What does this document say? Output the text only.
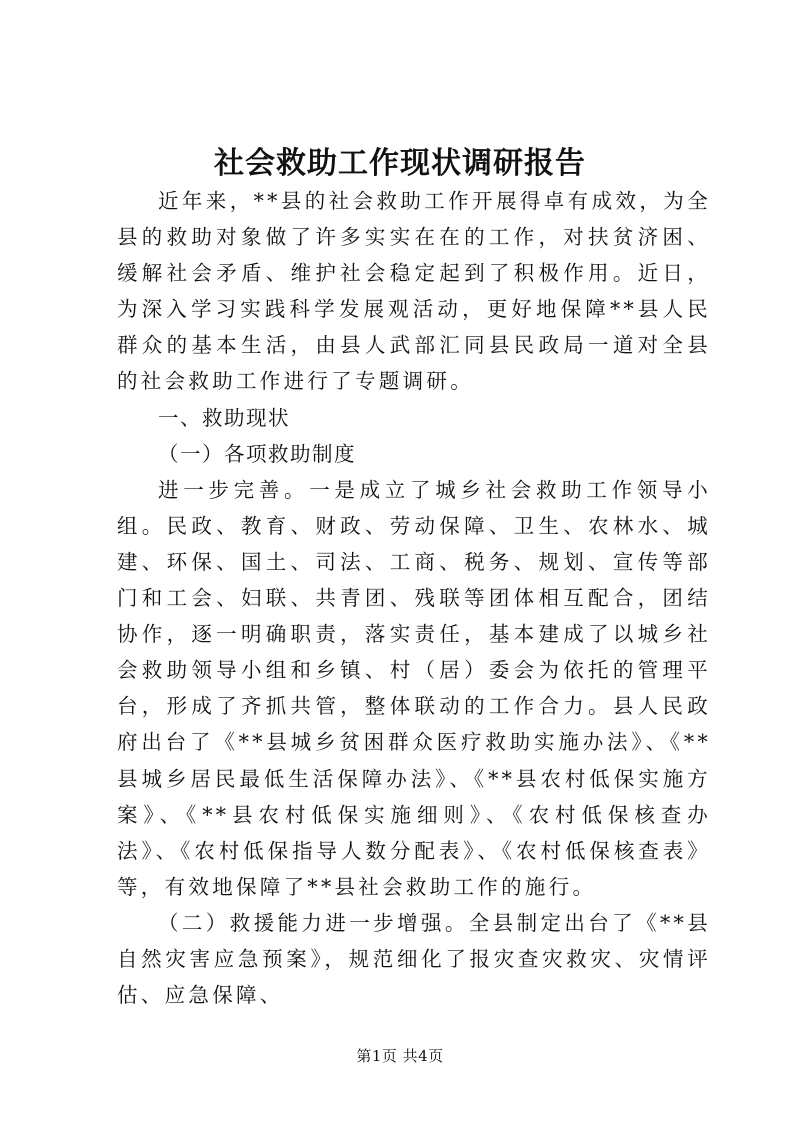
社会救助工作现状调研报告

近年来，**县的社会救助工作开展得卓有成效，为全县的救助对象做了许多实实在在的工作，对扶贫济困、缓解社会矛盾、维护社会稳定起到了积极作用。近日，为深入学习实践科学发展观活动，更好地保障**县人民群众的基本生活，由县人武部汇同县民政局一道对全县的社会救助工作进行了专题调研。

一、救助现状

（一）各项救助制度

进一步完善。一是成立了城乡社会救助工作领导小组。民政、教育、财政、劳动保障、卫生、农林水、城建、环保、国土、司法、工商、税务、规划、宣传等部门和工会、妇联、共青团、残联等团体相互配合，团结协作，逐一明确职责，落实责任，基本建成了以城乡社会救助领导小组和乡镇、村（居）委会为依托的管理平台，形成了齐抓共管，整体联动的工作合力。县人民政府出台了《**县城乡贫困群众医疗救助实施办法》、《**县城乡居民最低生活保障办法》、《**县农村低保实施方案》、《**县农村低保实施细则》、《农村低保核查办法》、《农村低保指导人数分配表》、《农村低保核查表》等，有效地保障了**县社会救助工作的施行。

（二）救援能力进一步增强。全县制定出台了《**县自然灾害应急预案》，规范细化了报灾查灾救灾、灾情评估、应急保障、

第1页 共4页
